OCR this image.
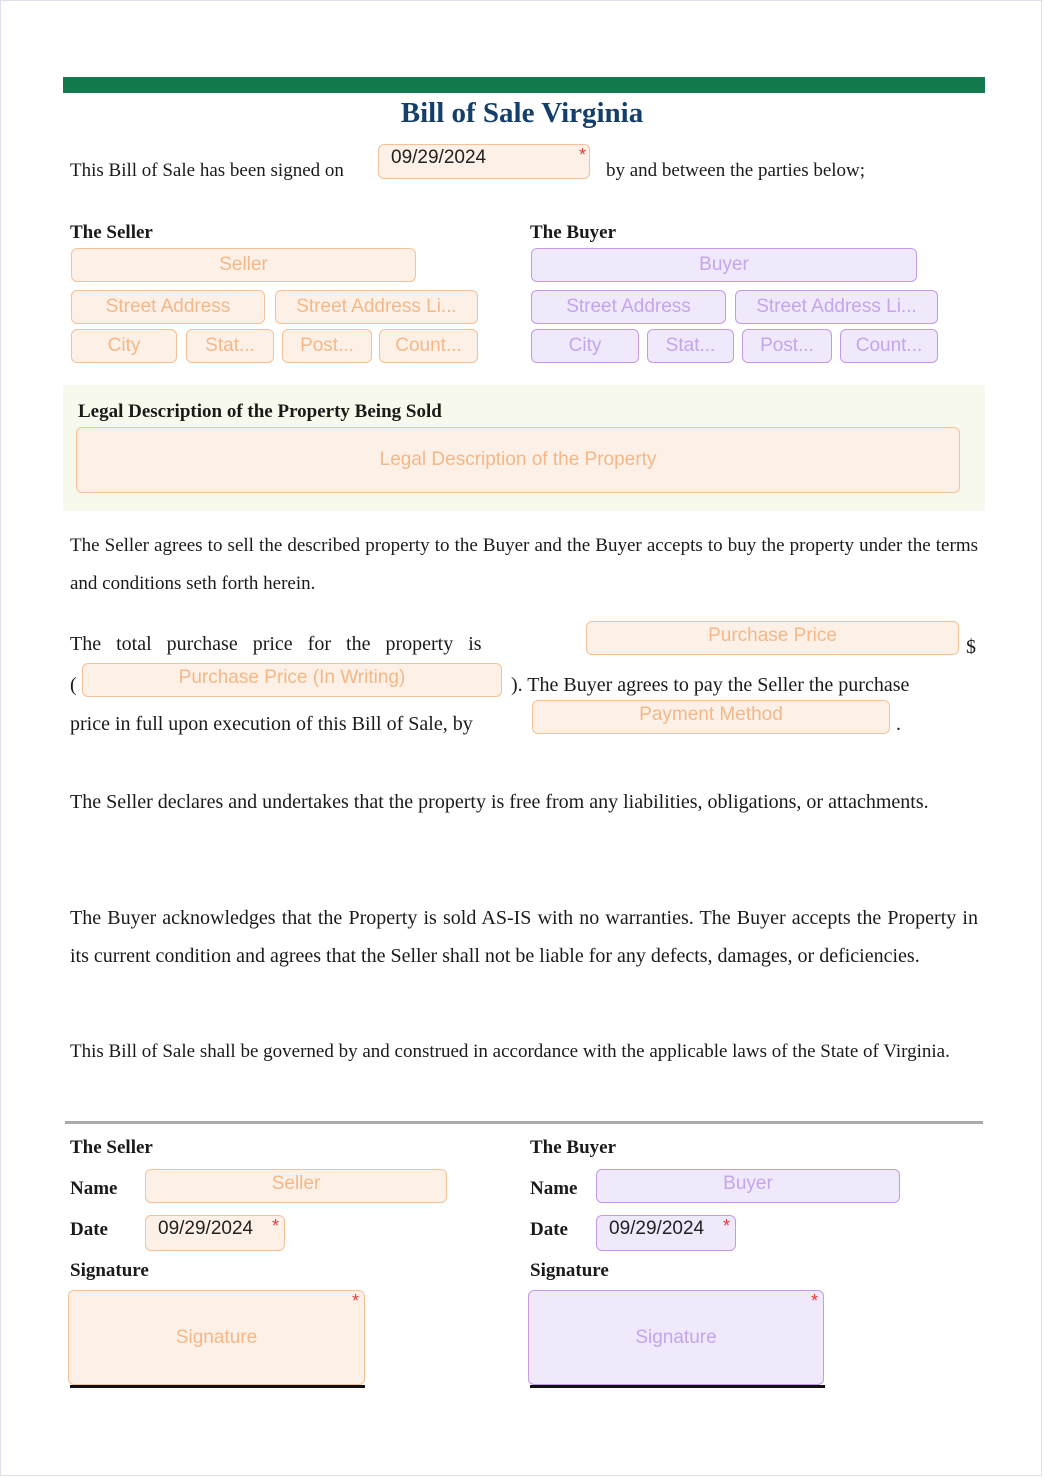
Bill of Sale Virginia
This Bill of Sale has been signed on
09/29/2024	*
by and between the parties below;
The Seller
Seller
Street Address	Street Address Li...
City	Stat...	Post...	Count...
The Buyer
Buyer
Street Address	Street Address Li...
City	Stat...	Post...	Count...
Legal Description of the Property Being Sold
Legal Description of the Property
The Seller agrees to sell the described property to the Buyer and the Buyer accepts to buy the property under the terms and conditions seth forth herein.
The   total   purchase   price   for   the   property   is	Purchase Price
$
(	Purchase Price (In Writing)	). The Buyer agrees to pay the Seller the purchase
price in full upon execution of this Bill of Sale, by	Payment Method	.
The Seller declares and undertakes that the property is free from any liabilities, obligations, or attachments.
The Buyer acknowledges that the Property is sold AS-IS with no warranties. The Buyer accepts the Property in its current condition and agrees that the Seller shall not be liable for any defects, damages, or deficiencies.
This Bill of Sale shall be governed by and construed in accordance with the applicable laws of the State of Virginia.
The Seller
Name	Seller
Date	09/29/2024 *
Signature
Signature
*
The Buyer
Name	Buyer
Date 09/29/2024 *
Signature
Signature
*
